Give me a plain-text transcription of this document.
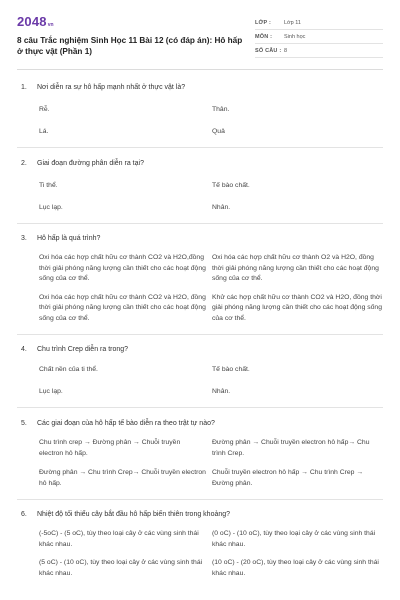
2048 vn
8 câu Trắc nghiệm Sinh Học 11 Bài 12 (có đáp án): Hô hấp ở thực vật (Phần 1)
LỚP :	Lớp 11
MÔN :	Sinh học
SỐ CÂU : 8
1.	Nơi diễn ra sự hô hấp mạnh nhất ở thực vật là?
Rễ.	Thân.
Lá.	Quả
2.	Giai đoạn đường phân diễn ra tại?
Ti thể.	Tế bào chất.
Lục lạp.	Nhân.
3.	Hô hấp là quá trình?
Oxi hóa các hợp chất hữu cơ thành CO2 và H2O,đồng thời giải phóng năng lượng cần thiết cho các hoạt động sống của cơ thể.
Oxi hóa các hợp chất hữu cơ thành O2 và H2O, đồng thời giải phóng năng lượng cần thiết cho các hoạt động sống của cơ thể.
Oxi hóa các hợp chất hữu cơ thành CO2 và H2O, đồng thời giải phóng năng lượng cần thiết cho các hoạt động sống của cơ thể.
Khử các hợp chất hữu cơ thành CO2 và H2O, đồng thời giải phóng năng lượng cần thiết cho các hoạt động sống của cơ thể.
4.	Chu trình Crep diễn ra trong?
Chất nền của ti thể.	Tế bào chất.
Lục lạp.	Nhân.
5.	Các giai đoạn của hô hấp tế bào diễn ra theo trật tự nào?
Chu trình crep → Đường phân → Chuỗi truyền electron hô hấp.
Đường phân → Chuỗi truyền electron hô hấp→ Chu trình Crep.
Đường phân → Chu trình Crep→ Chuỗi truyền electron hô hấp.
Chuỗi truyền electron hô hấp → Chu trình Crep → Đường phân.
6.	Nhiệt độ tối thiểu cây bắt đầu hô hấp biến thiên trong khoảng?
(-5oC) - (5 oC), tùy theo loại cây ở các vùng sinh thái khác nhau.
(0 oC) - (10 oC), tùy theo loại cây ở các vùng sinh thái khác nhau.
(5 oC) - (10 oC), tùy theo loại cây ở các vùng sinh thái khác nhau.
(10 oC) - (20 oC), tùy theo loại cây ở các vùng sinh thái khác nhau.
